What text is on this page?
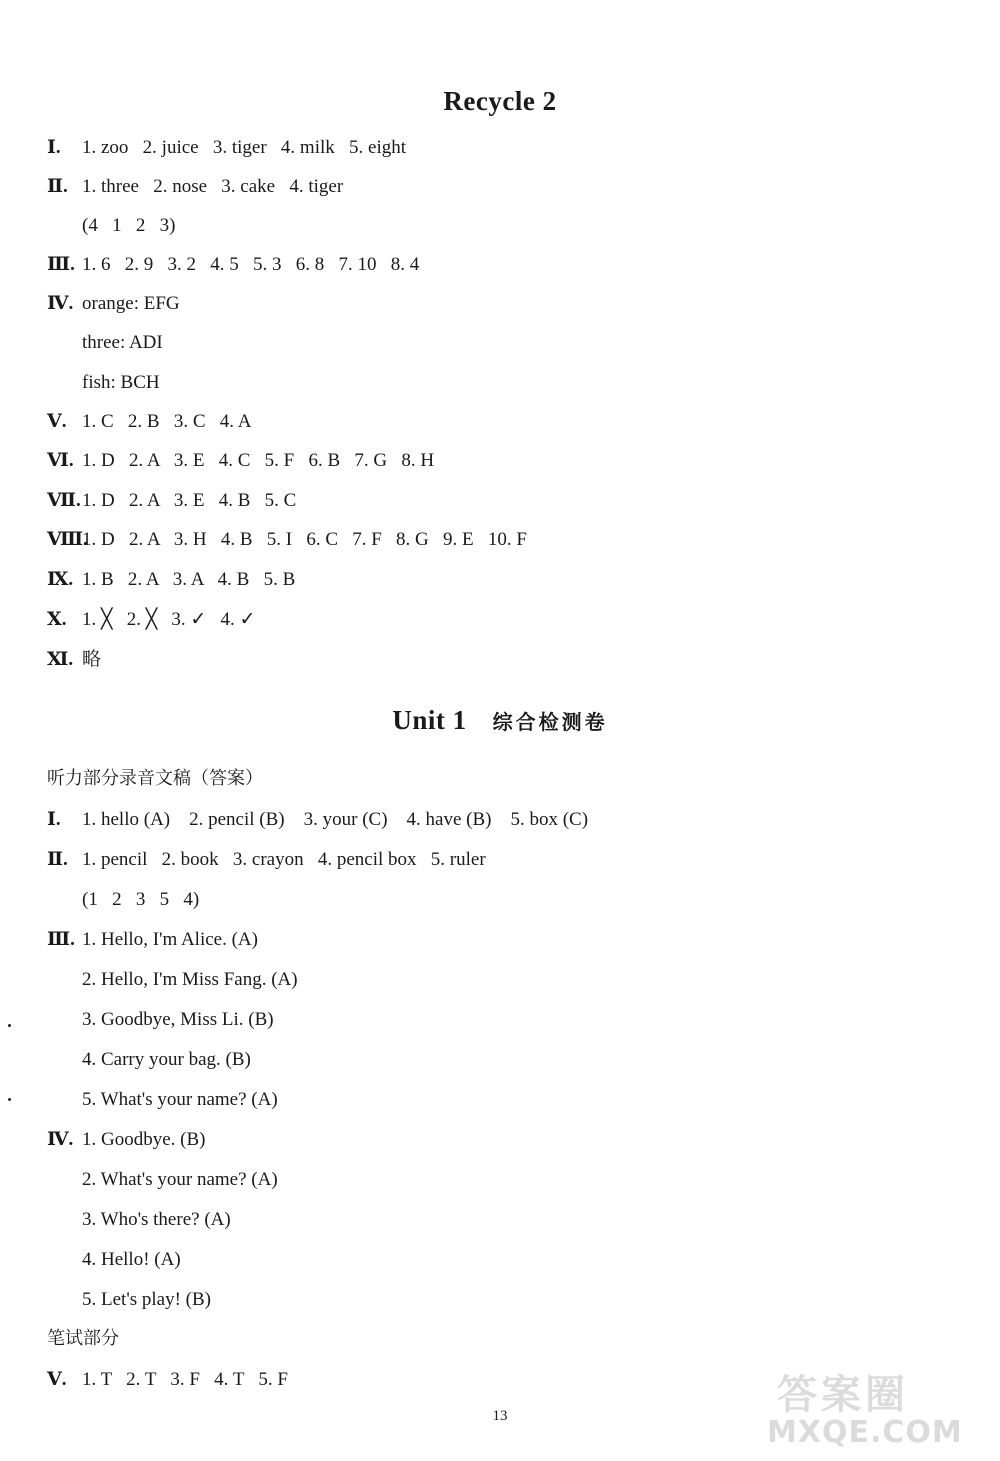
Recycle 2
Ⅰ. 1. zoo   2. juice   3. tiger   4. milk   5. eight
Ⅱ. 1. three   2. nose   3. cake   4. tiger
(4   1   2   3)
Ⅲ. 1. 6   2. 9   3. 2   4. 5   5. 3   6. 8   7. 10   8. 4
Ⅳ. orange: EFG
three: ADI
fish: BCH
Ⅴ. 1. C   2. B   3. C   4. A
Ⅵ. 1. D   2. A   3. E   4. C   5. F   6. B   7. G   8. H
Ⅶ.1. D   2. A   3. E   4. B   5. C
Ⅷ.1. D   2. A   3. H   4. B   5. I   6. C   7. F   8. G   9. E   10. F
Ⅸ. 1. B   2. A   3. A   4. B   5. B
Ⅹ. 1. ╳   2. ╳   3. ✓   4. ✓
Ⅺ. 略
Unit 1 综合检测卷
听力部分录音文稿（答案）
Ⅰ. 1. hello (A)    2. pencil (B)    3. your (C)    4. have (B)    5. box (C)
Ⅱ. 1. pencil   2. book   3. crayon   4. pencil box   5. ruler
(1   2   3   5   4)
Ⅲ. 1. Hello, I'm Alice. (A)
2. Hello, I'm Miss Fang. (A)
3. Goodbye, Miss Li. (B)
4. Carry your bag. (B)
5. What's your name? (A)
Ⅳ. 1. Goodbye. (B)
2. What's your name? (A)
3. Who's there? (A)
4. Hello! (A)
5. Let's play! (B)
笔试部分
Ⅴ. 1. T   2. T   3. F   4. T   5. F
13	答案圈
MXQE.COM
